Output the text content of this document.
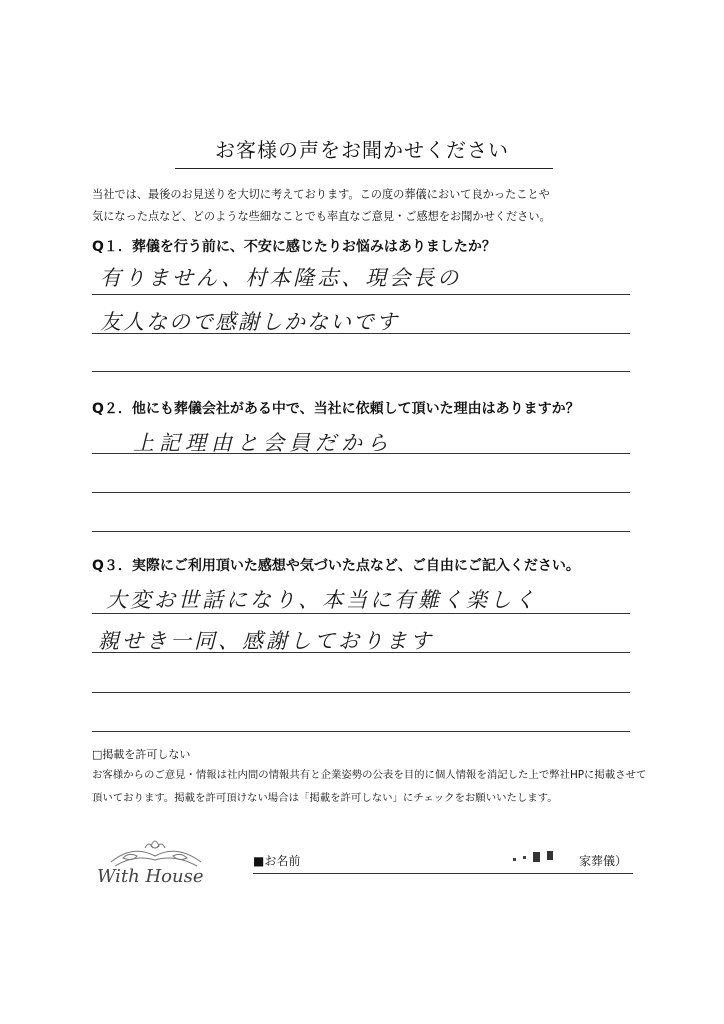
お客様の声をお聞かせください
当社では、最後のお見送りを大切に考えております。この度の葬儀において良かったことや
気になった点など、どのような些細なことでも率直なご意見・ご感想をお聞かせください。
Q１．葬儀を行う前に、不安に感じたりお悩みはありましたか？
有りません、村本隆志、現会長の
友人なので感謝しかないです
Q２．他にも葬儀会社がある中で、当社に依頼して頂いた理由はありますか？
上記理由と会員だから
Q３．実際にご利用頂いた感想や気づいた点など、ご自由にご記入ください。
大変お世話になり、本当に有難く楽しく
親せき一同、感謝しております
□掲載を許可しない
お客様からのご意見・情報は社内間の情報共有と企業姿勢の公表を目的に個人情報を消記した上で弊社HPに掲載させて
頂いております。掲載を許可頂けない場合は「掲載を許可しない」にチェックをお願いいたします。
With House
■お名前	家葬儀）
